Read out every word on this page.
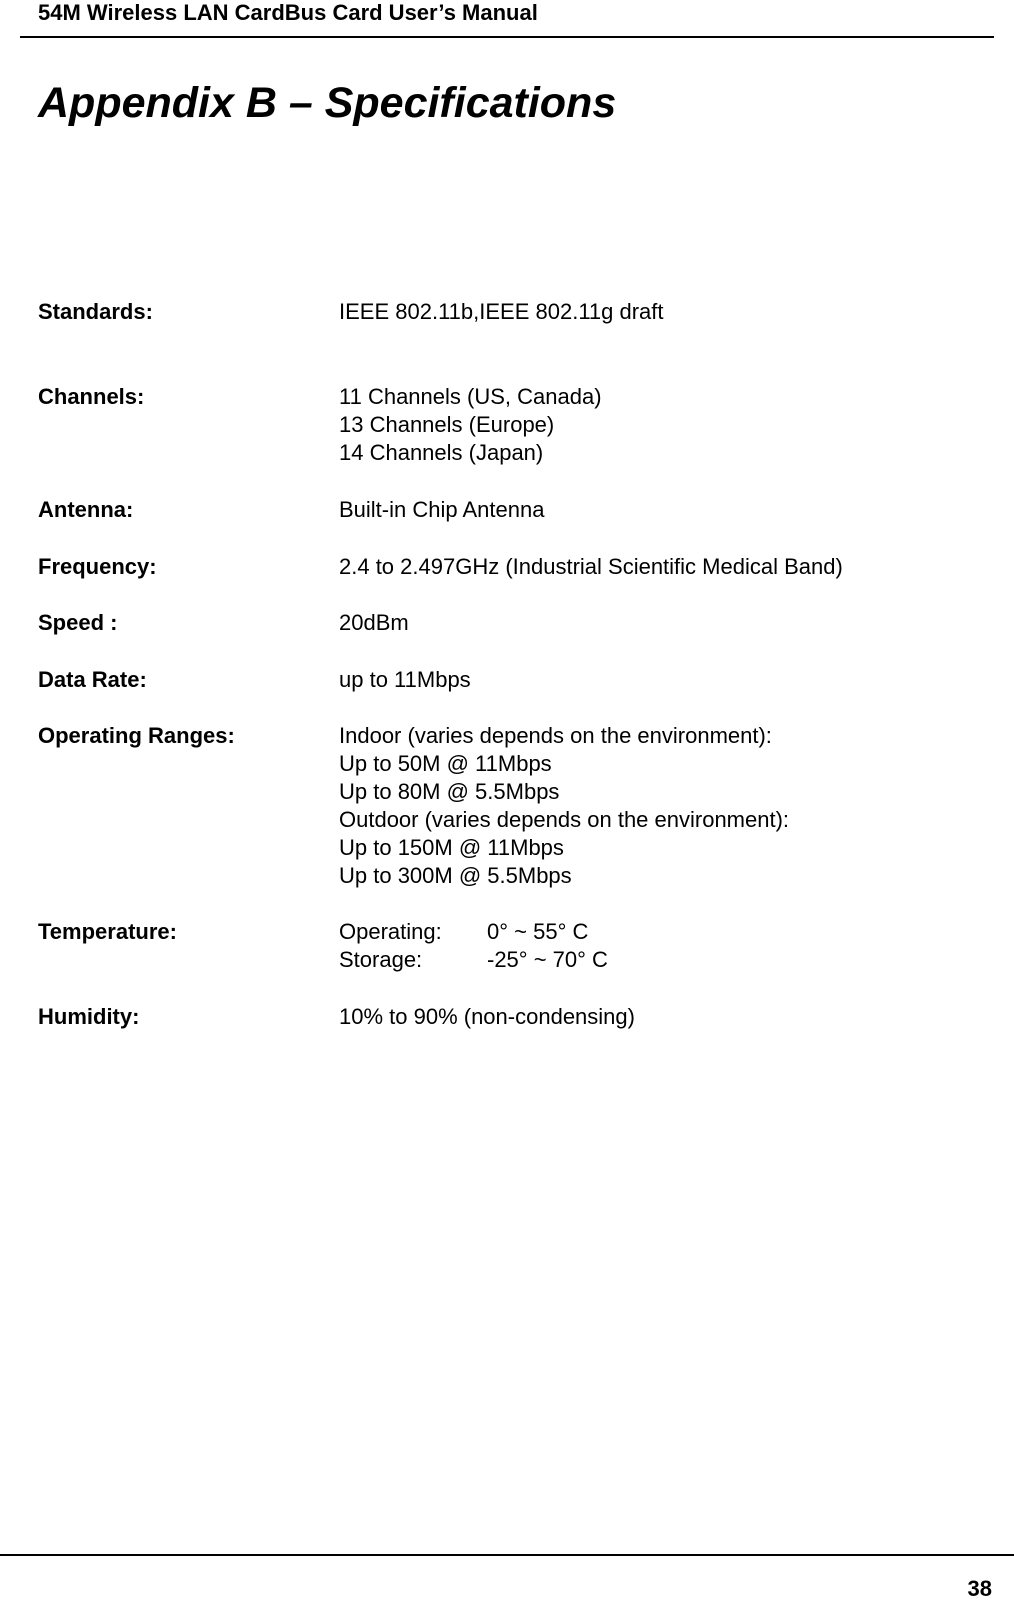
54M Wireless LAN CardBus Card User’s Manual
Appendix B – Specifications
Standards:	IEEE 802.11b,IEEE 802.11g draft
Channels:	11 Channels (US, Canada)
13 Channels (Europe)
14 Channels (Japan)
Antenna:	Built-in Chip Antenna
Frequency:	2.4 to 2.497GHz (Industrial Scientific Medical Band)
Speed :	20dBm
Data Rate:	up to 11Mbps
Operating Ranges:	Indoor (varies depends on the environment):
Up to 50M @ 11Mbps
Up to 80M @ 5.5Mbps
Outdoor (varies depends on the environment):
Up to 150M @ 11Mbps
Up to 300M @ 5.5Mbps
Temperature:	Operating: 0° ~ 55° C
Storage:	-25° ~ 70° C
Humidity:	10% to 90% (non-condensing)
38
